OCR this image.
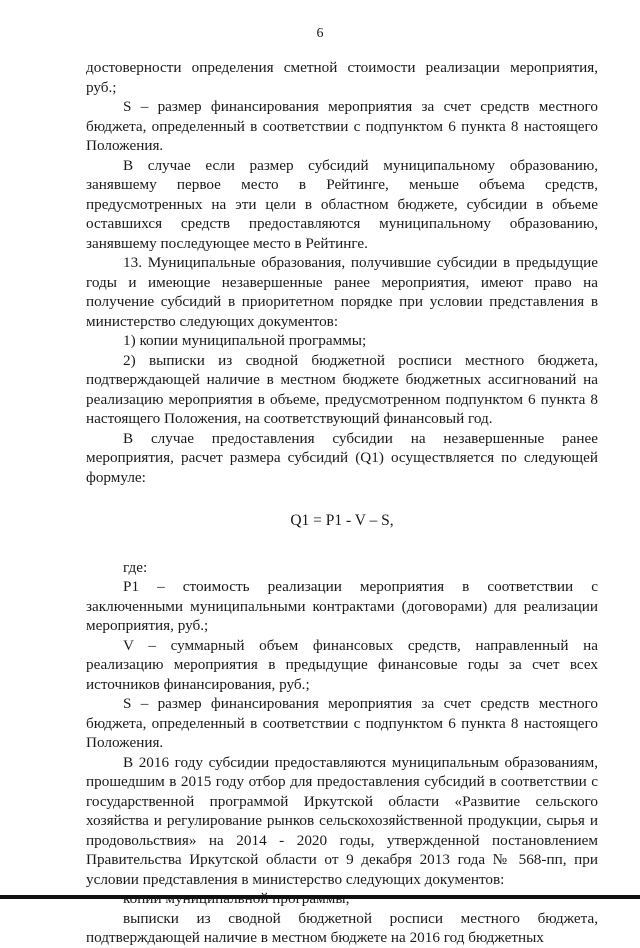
6

достоверности определения сметной стоимости реализации мероприятия, руб.;

S – размер финансирования мероприятия за счет средств местного бюджета, определенный в соответствии с подпунктом 6 пункта 8 настоящего Положения.

В случае если размер субсидий муниципальному образованию, занявшему первое место в Рейтинге, меньше объема средств, предусмотренных на эти цели в областном бюджете, субсидии в объеме оставшихся средств предоставляются муниципальному образованию, занявшему последующее место в Рейтинге.

13. Муниципальные образования, получившие субсидии в предыдущие годы и имеющие незавершенные ранее мероприятия, имеют право на получение субсидий в приоритетном порядке при условии представления в министерство следующих документов:

1) копии муниципальной программы;

2) выписки из сводной бюджетной росписи местного бюджета, подтверждающей наличие в местном бюджете бюджетных ассигнований на реализацию мероприятия в объеме, предусмотренном подпунктом 6 пункта 8 настоящего Положения, на соответствующий финансовый год.

В случае предоставления субсидии на незавершенные ранее мероприятия, расчет размера субсидий (Q1) осуществляется по следующей формуле:

Q1 = P1 - V – S,

где:

P1 – стоимость реализации мероприятия в соответствии с заключенными муниципальными контрактами (договорами) для реализации мероприятия, руб.;

V – суммарный объем финансовых средств, направленный на реализацию мероприятия в предыдущие финансовые годы за счет всех источников финансирования, руб.;

S – размер финансирования мероприятия за счет средств местного бюджета, определенный в соответствии с подпунктом 6 пункта 8 настоящего Положения.

В 2016 году субсидии предоставляются муниципальным образованиям, прошедшим в 2015 году отбор для предоставления субсидий в соответствии с государственной программой Иркутской области «Развитие сельского хозяйства и регулирование рынков сельскохозяйственной продукции, сырья и продовольствия» на 2014 - 2020 годы, утвержденной постановлением Правительства Иркутской области от 9 декабря 2013 года № 568-пп, при условии представления в министерство следующих документов:

выписки из сводной бюджетной росписи местного бюджета, подтверждающей наличие в местном бюджете на 2016 год бюджетных
